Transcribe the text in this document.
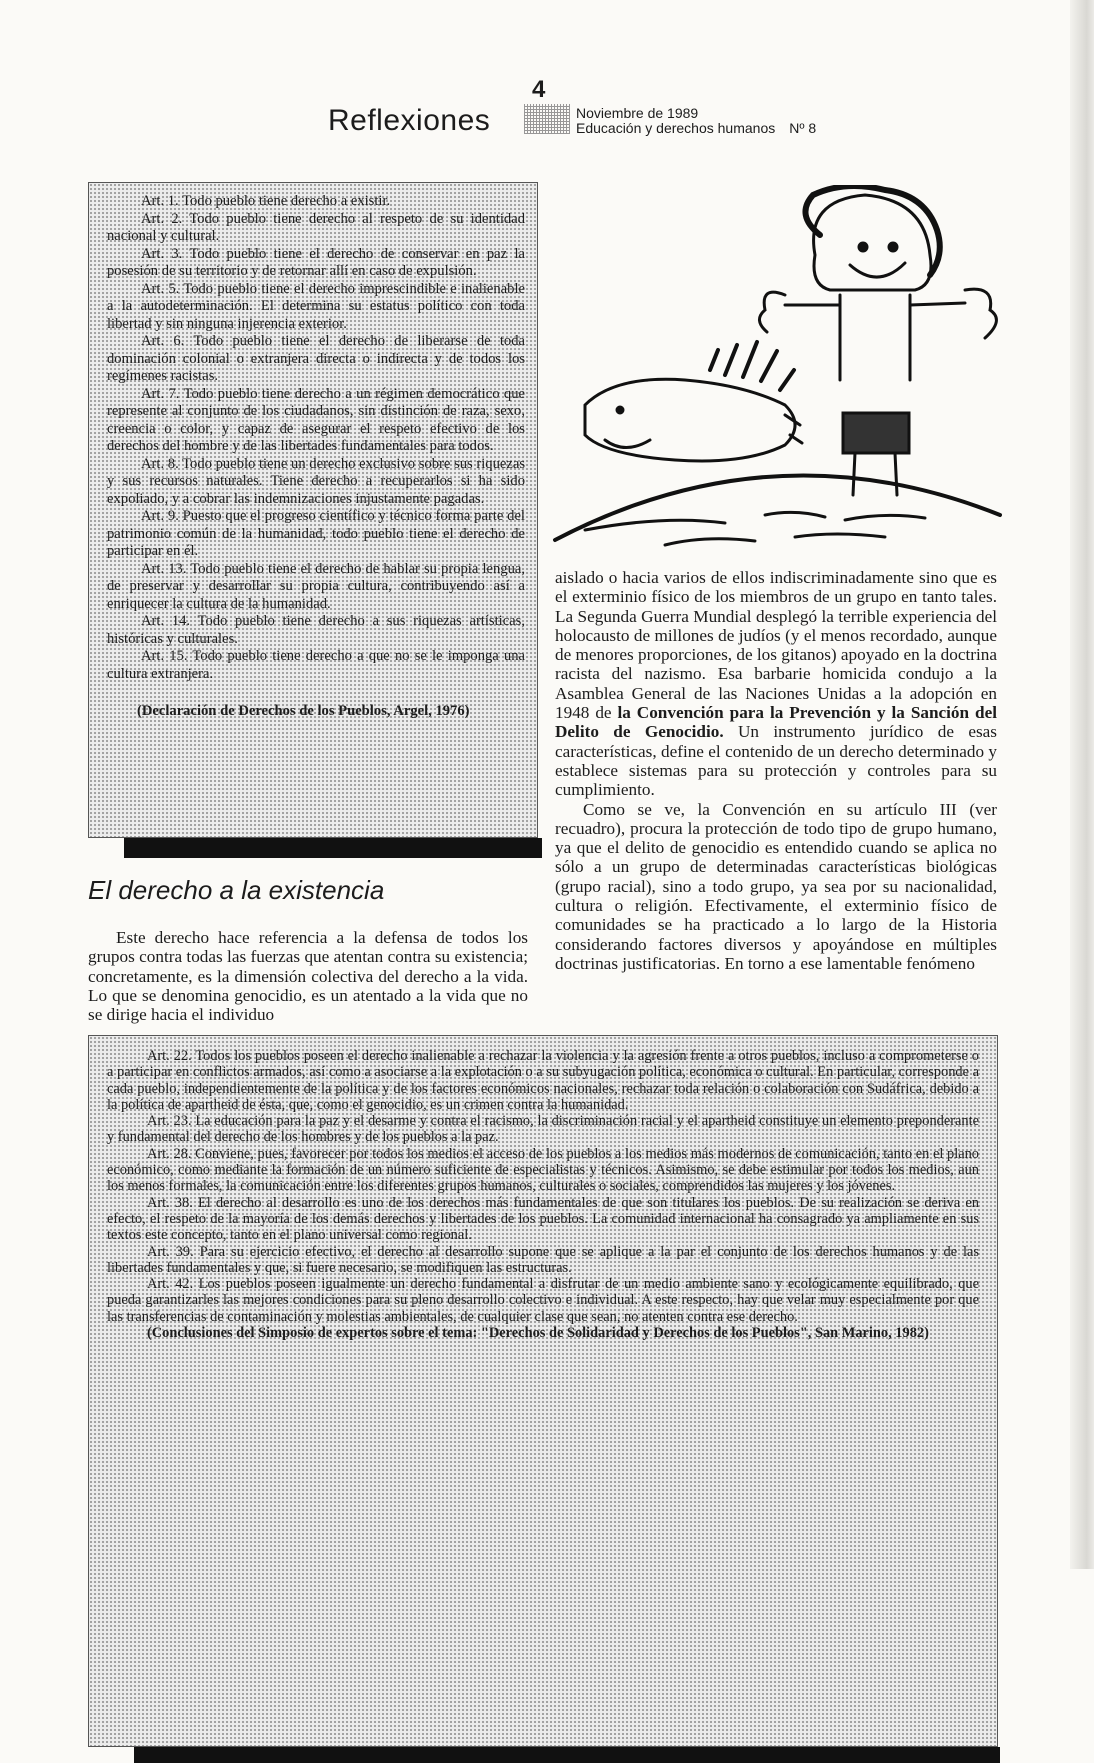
4
Reflexiones	Noviembre de 1989
Educación y derechos humanos Nº 8

Art. 1. Todo pueblo tiene derecho a existir.

Art. 2. Todo pueblo tiene derecho al respeto de su identidad nacional y cultural.

Art. 3. Todo pueblo tiene el derecho de conservar en paz la posesión de su territorio y de retornar allí en caso de expulsión.

Art. 5. Todo pueblo tiene el derecho imprescindible e inalienable a la autodeterminación. El determina su estatus político con toda libertad y sin ninguna injerencia exterior.

Art. 6. Todo pueblo tiene el derecho de liberarse de toda dominación colonial o extranjera directa o indirecta y de todos los regímenes racistas.

Art. 7. Todo pueblo tiene derecho a un régimen democrático que represente al conjunto de los ciudadanos, sin distinción de raza, sexo, creencia o color, y capaz de asegurar el respeto efectivo de los derechos del hombre y de las libertades fundamentales para todos.

Art. 8. Todo pueblo tiene un derecho exclusivo sobre sus riquezas y sus recursos naturales. Tiene derecho a recuperarlos si ha sido expoliado, y a cobrar las indemnizaciones injustamente pagadas.

Art. 9. Puesto que el progreso científico y técnico forma parte del patrimonio común de la humanidad, todo pueblo tiene el derecho de participar en él.

Art. 13. Todo pueblo tiene el derecho de hablar su propia lengua, de preservar y desarrollar su propia cultura, contribuyendo así a enriquecer la cultura de la humanidad.

Art. 14. Todo pueblo tiene derecho a sus riquezas artísticas, históricas y culturales.

Art. 15. Todo pueblo tiene derecho a que no se le imponga una cultura extranjera.

(Declaración de Derechos de los Pueblos, Argel, 1976)

El derecho a la existencia

Este derecho hace referencia a la defensa de todos los grupos contra todas las fuerzas que atentan contra su existencia; concretamente, es la dimensión colectiva del derecho a la vida. Lo que se denomina genocidio, es un atentado a la vida que no se dirige hacia el individuo

aislado o hacia varios de ellos indiscriminadamente sino que es el exterminio físico de los miembros de un grupo en tanto tales. La Segunda Guerra Mundial desplegó la terrible experiencia del holocausto de millones de judíos (y el menos recordado, aunque de menores proporciones, de los gitanos) apoyado en la doctrina racista del nazismo. Esa barbarie homicida condujo a la Asamblea General de las Naciones Unidas a la adopción en 1948 de la Convención para la Prevención y la Sanción del Delito de Genocidio. Un instrumento jurídico de esas características, define el contenido de un derecho determinado y establece sistemas para su protección y controles para su cumplimiento.

Como se ve, la Convención en su artículo III (ver recuadro), procura la protección de todo tipo de grupo humano, ya que el delito de genocidio es entendido cuando se aplica no sólo a un grupo de determinadas características biológicas (grupo racial), sino a todo grupo, ya sea por su nacionalidad, cultura o religión. Efectivamente, el exterminio físico de comunidades se ha practicado a lo largo de la Historia considerando factores diversos y apoyándose en múltiples doctrinas justificatorias. En torno a ese lamentable fenómeno

Art. 22. Todos los pueblos poseen el derecho inalienable a rechazar la violencia y la agresión frente a otros pueblos, incluso a comprometerse o a participar en conflictos armados, así como a asociarse a la explotación o a su subyugación política, económica o cultural. En particular, corresponde a cada pueblo, independientemente de la política y de los factores económicos nacionales, rechazar toda relación o colaboración con Sudáfrica, debido a la política de apartheid de ésta, que, como el genocidio, es un crimen contra la humanidad.

Art. 23. La educación para la paz y el desarme y contra el racismo, la discriminación racial y el apartheid constituye un elemento preponderante y fundamental del derecho de los hombres y de los pueblos a la paz.

Art. 28. Conviene, pues, favorecer por todos los medios el acceso de los pueblos a los medios más modernos de comunicación, tanto en el plano económico, como mediante la formación de un número suficiente de especialistas y técnicos. Asimismo, se debe estimular por todos los medios, aun los menos formales, la comunicación entre los diferentes grupos humanos, culturales o sociales, comprendidos las mujeres y los jóvenes.

Art. 38. El derecho al desarrollo es uno de los derechos más fundamentales de que son titulares los pueblos. De su realización se deriva en efecto, el respeto de la mayoría de los demás derechos y libertades de los pueblos. La comunidad internacional ha consagrado ya ampliamente en sus textos este concepto, tanto en el plano universal como regional.

Art. 39. Para su ejercicio efectivo, el derecho al desarrollo supone que se aplique a la par el conjunto de los derechos humanos y de las libertades fundamentales y que, si fuere necesario, se modifiquen las estructuras.

Art. 42. Los pueblos poseen igualmente un derecho fundamental a disfrutar de un medio ambiente sano y ecológicamente equilibrado, que pueda garantizarles las mejores condiciones para su pleno desarrollo colectivo e individual. A este respecto, hay que velar muy especialmente por que las transferencias de contaminación y molestias ambientales, de cualquier clase que sean, no atenten contra ese derecho.

(Conclusiones del Simposio de expertos sobre el tema: "Derechos de Solidaridad y Derechos de los Pueblos", San Marino, 1982)
